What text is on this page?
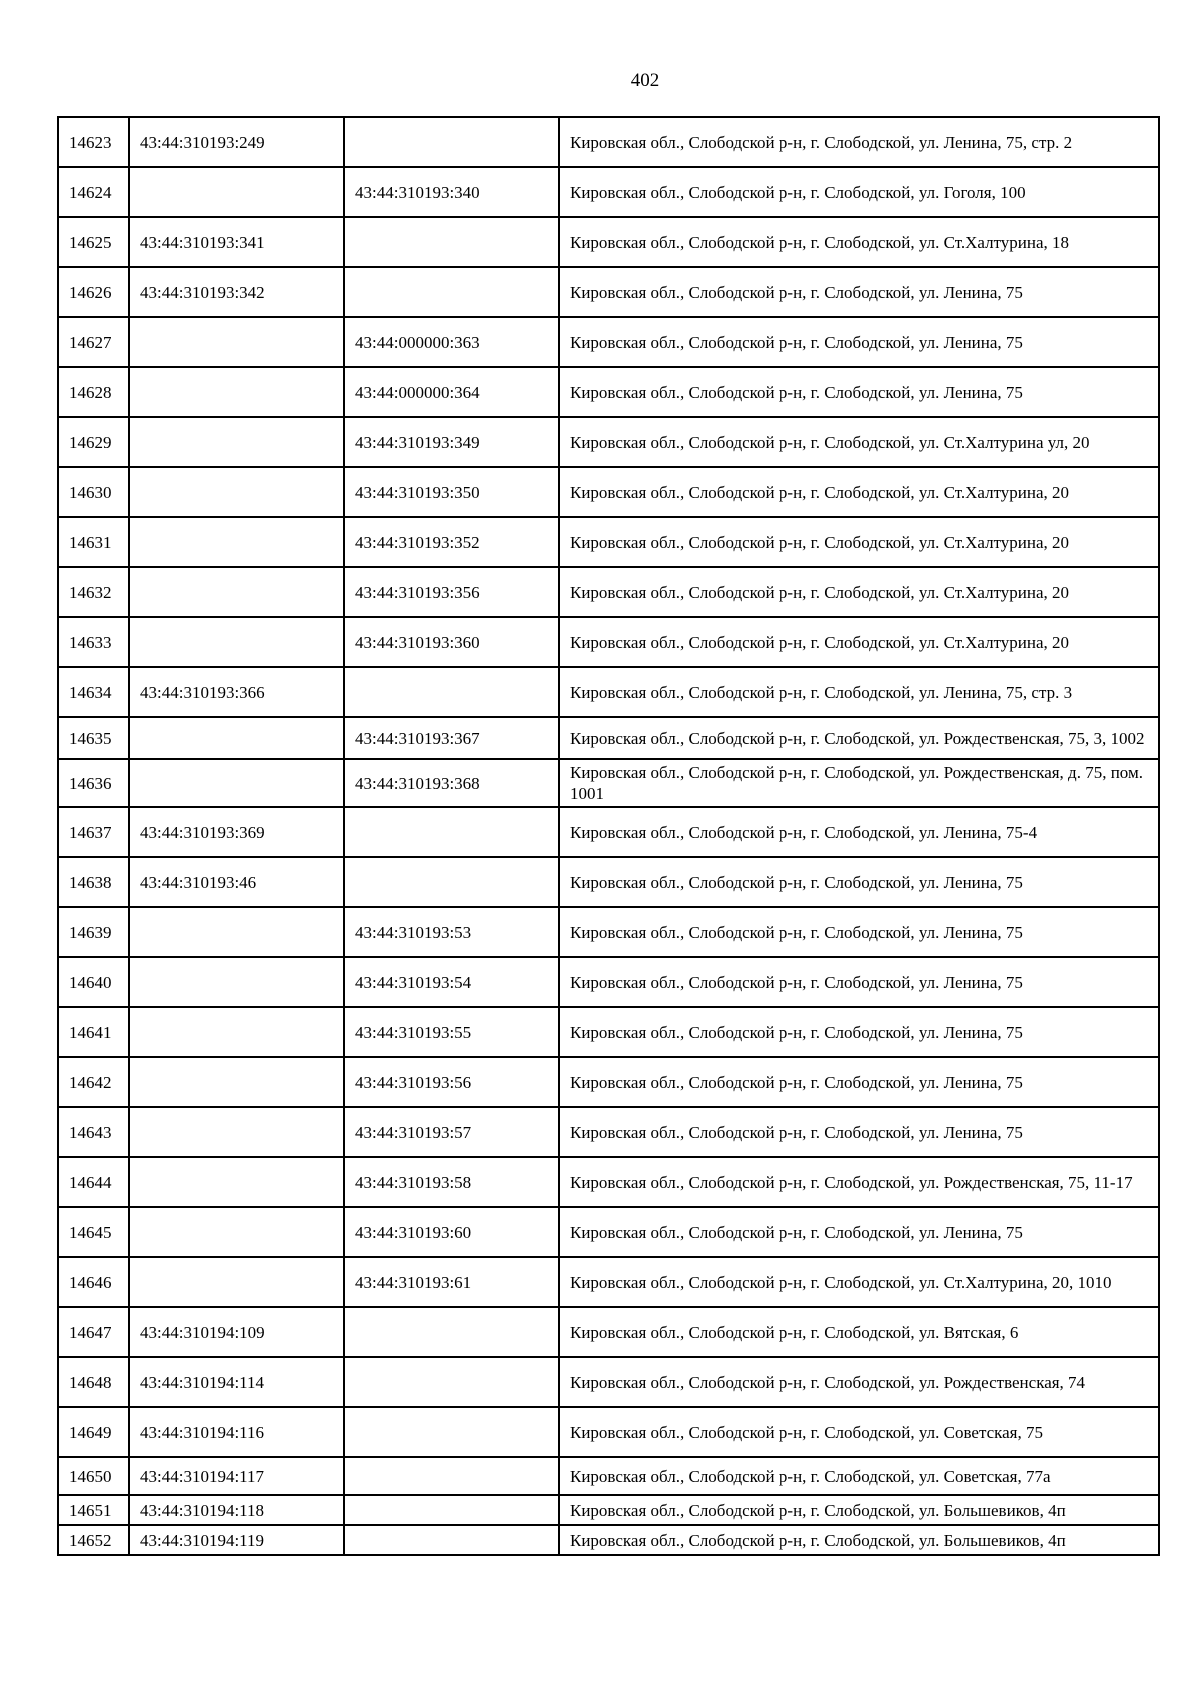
402
14623	43:44:310193:249		Кировская обл., Слободской р-н, г. Слободской, ул. Ленина, 75, стр. 2
14624		43:44:310193:340	Кировская обл., Слободской р-н, г. Слободской, ул. Гоголя, 100
14625	43:44:310193:341		Кировская обл., Слободской р-н, г. Слободской, ул. Ст.Халтурина, 18
14626	43:44:310193:342		Кировская обл., Слободской р-н, г. Слободской, ул. Ленина, 75
14627		43:44:000000:363	Кировская обл., Слободской р-н, г. Слободской, ул. Ленина, 75
14628		43:44:000000:364	Кировская обл., Слободской р-н, г. Слободской, ул. Ленина, 75
14629		43:44:310193:349	Кировская обл., Слободской р-н, г. Слободской, ул. Ст.Халтурина ул, 20
14630		43:44:310193:350	Кировская обл., Слободской р-н, г. Слободской, ул. Ст.Халтурина, 20
14631		43:44:310193:352	Кировская обл., Слободской р-н, г. Слободской, ул. Ст.Халтурина, 20
14632		43:44:310193:356	Кировская обл., Слободской р-н, г. Слободской, ул. Ст.Халтурина, 20
14633		43:44:310193:360	Кировская обл., Слободской р-н, г. Слободской, ул. Ст.Халтурина, 20
14634	43:44:310193:366		Кировская обл., Слободской р-н, г. Слободской, ул. Ленина, 75, стр. 3
14635		43:44:310193:367	Кировская обл., Слободской р-н, г. Слободской, ул. Рождественская, 75, 3, 1002
14636		43:44:310193:368	Кировская обл., Слободской р-н, г. Слободской, ул. Рождественская, д. 75, пом. 1001
14637	43:44:310193:369		Кировская обл., Слободской р-н, г. Слободской, ул. Ленина, 75-4
14638	43:44:310193:46		Кировская обл., Слободской р-н, г. Слободской, ул. Ленина, 75
14639		43:44:310193:53	Кировская обл., Слободской р-н, г. Слободской, ул. Ленина, 75
14640		43:44:310193:54	Кировская обл., Слободской р-н, г. Слободской, ул. Ленина, 75
14641		43:44:310193:55	Кировская обл., Слободской р-н, г. Слободской, ул. Ленина, 75
14642		43:44:310193:56	Кировская обл., Слободской р-н, г. Слободской, ул. Ленина, 75
14643		43:44:310193:57	Кировская обл., Слободской р-н, г. Слободской, ул. Ленина, 75
14644		43:44:310193:58	Кировская обл., Слободской р-н, г. Слободской, ул. Рождественская, 75, 11-17
14645		43:44:310193:60	Кировская обл., Слободской р-н, г. Слободской, ул. Ленина, 75
14646		43:44:310193:61	Кировская обл., Слободской р-н, г. Слободской, ул. Ст.Халтурина, 20, 1010
14647	43:44:310194:109		Кировская обл., Слободской р-н, г. Слободской, ул. Вятская, 6
14648	43:44:310194:114		Кировская обл., Слободской р-н, г. Слободской, ул. Рождественская, 74
14649	43:44:310194:116		Кировская обл., Слободской р-н, г. Слободской, ул. Советская, 75
14650	43:44:310194:117		Кировская обл., Слободской р-н, г. Слободской, ул. Советская, 77а
14651	43:44:310194:118		Кировская обл., Слободской р-н, г. Слободской, ул. Большевиков, 4п
14652	43:44:310194:119		Кировская обл., Слободской р-н, г. Слободской, ул. Большевиков, 4п
